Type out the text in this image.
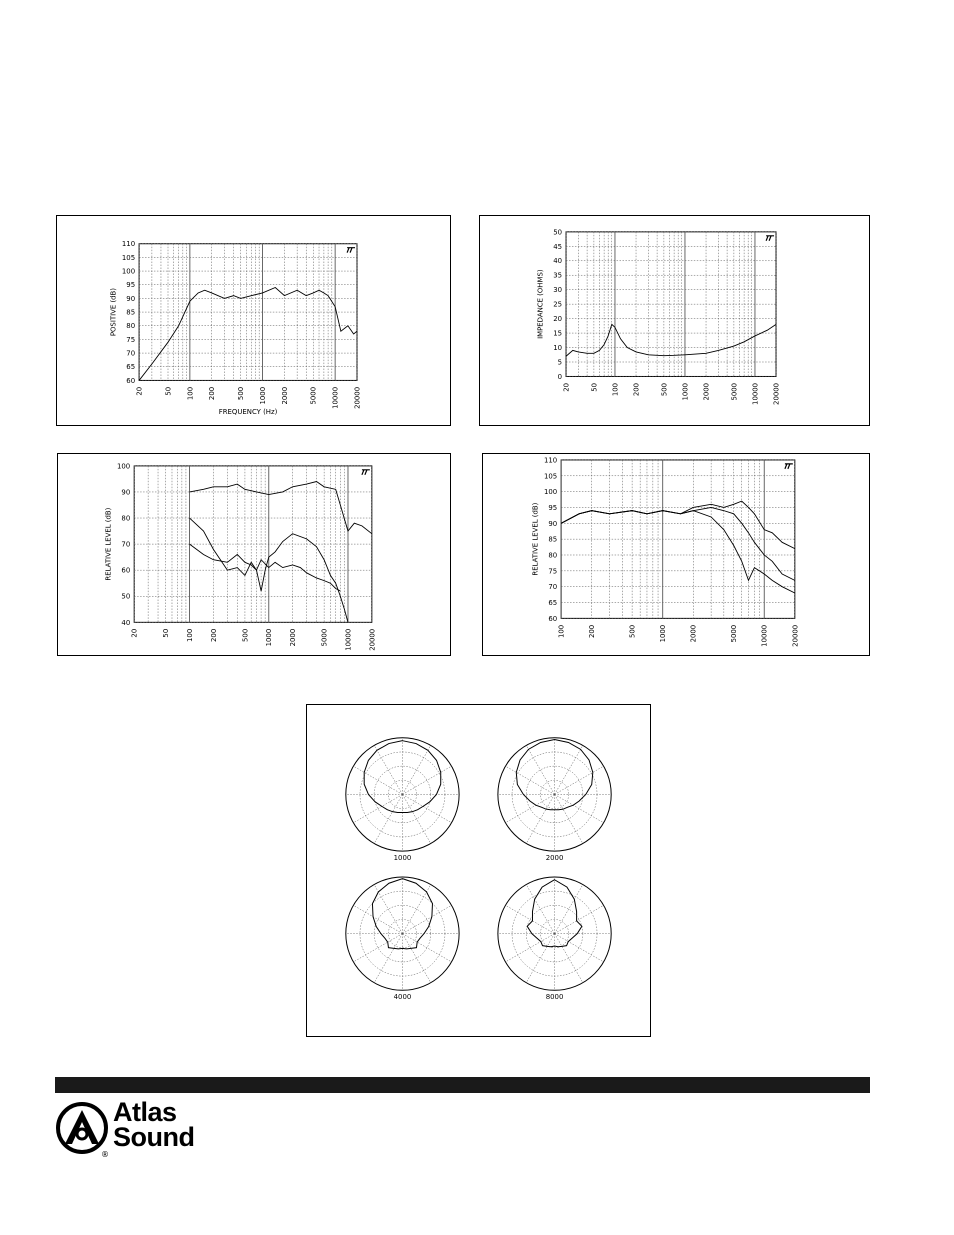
60
65
70
75
80
85
90
95
100
105
110
20	50 100 200	500 1000 2000	5000 10000 20000
POSITIVE (dB)
FREQUENCY (Hz)
0
5
10
15
20
25
30
35
40
45
50
20	50 100 200	500 1000 2000	5000 10000 20000
IMPEDANCE (OHMS)
40
50
60
70
80
90
100
20	50 100 200	500 1000 2000	5000 10000 20000
RELATIVE LEVEL (dB)
60
65
70
75
80
85
90
95
100
105
110
100	200	500	1000	2000	5000	10000	20000
RELATIVE LEVEL (dB)
1000	2000
4000	8000
Atlas
Sound
®
